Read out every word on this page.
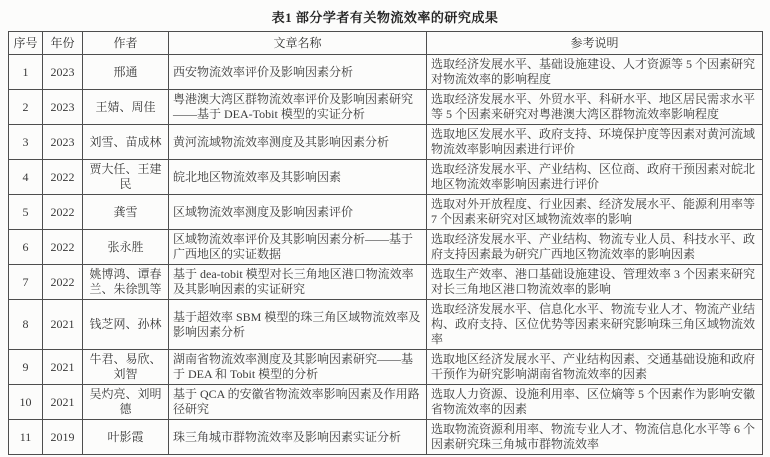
表1 部分学者有关物流效率的研究成果
序号	年份	作者	文章名称	参考说明
1	2023	邢通	西安物流效率评价及影响因素分析	选取经济发展水平、基础设施建设、人才资源等 5 个因素研究对物流效率的影响程度
2	2023	王婧、周佳	粤港澳大湾区群物流效率评价及影响因素研究——基于 DEA-Tobit 模型的实证分析	选取经济发展水平、外贸水平、科研水平、地区居民需求水平等 5 个因素来研究对粤港澳大湾区群物流效率影响程度
3	2023	刘雪、苗成林	黄河流域物流效率测度及其影响因素分析	选取地区发展水平、政府支持、环境保护度等因素对黄河流域物流效率影响因素进行评价
4	2022	贾大任、王建民	皖北地区物流效率及其影响因素	选取经济发展水平、产业结构、区位商、政府干预因素对皖北地区物流效率影响因素进行评价
5	2022	龚雪	区域物流效率测度及影响因素评价	选取对外开放程度、行业因素、经济发展水平、能源利用率等 7 个因素来研究对区域物流效率的影响
6	2022	张永胜	区域物流效率评价及其影响因素分析——基于广西地区的实证数据	选取经济发展水平、产业结构、物流专业人员、科技水平、政府支持因素最为研究广西地区物流效率的影响因素
7	2022	姚博鸿、谭春兰、朱徐凯等	基于 dea-tobit 模型对长三角地区港口物流效率及其影响因素的实证研究	选取生产效率、港口基础设施建设、管理效率 3 个因素来研究对长三角地区港口物流效率的影响
8	2021	钱芝网、孙林	基于超效率 SBM 模型的珠三角区域物流效率及影响因素分析	选取经济发展水平、信息化水平、物流专业人才、物流产业结构、政府支持、区位优势等因素来研究影响珠三角区域物流效率
9	2021	牛君、易欣、刘智	湖南省物流效率测度及其影响因素研究——基于 DEA 和 Tobit 模型的分析	选取地区经济发展水平、产业结构因素、交通基础设施和政府干预作为研究影响湖南省物流效率的因素
10	2021	吴灼亮、刘明德	基于 QCA 的安徽省物流效率影响因素及作用路径研究	选取人力资源、设施利用率、区位熵等 5 个因素作为影响安徽省物流效率的因素
11	2019	叶影霞	珠三角城市群物流效率及影响因素实证分析	选取物流资源利用率、物流专业人才、物流信息化水平等 6 个因素研究珠三角城市群物流效率
